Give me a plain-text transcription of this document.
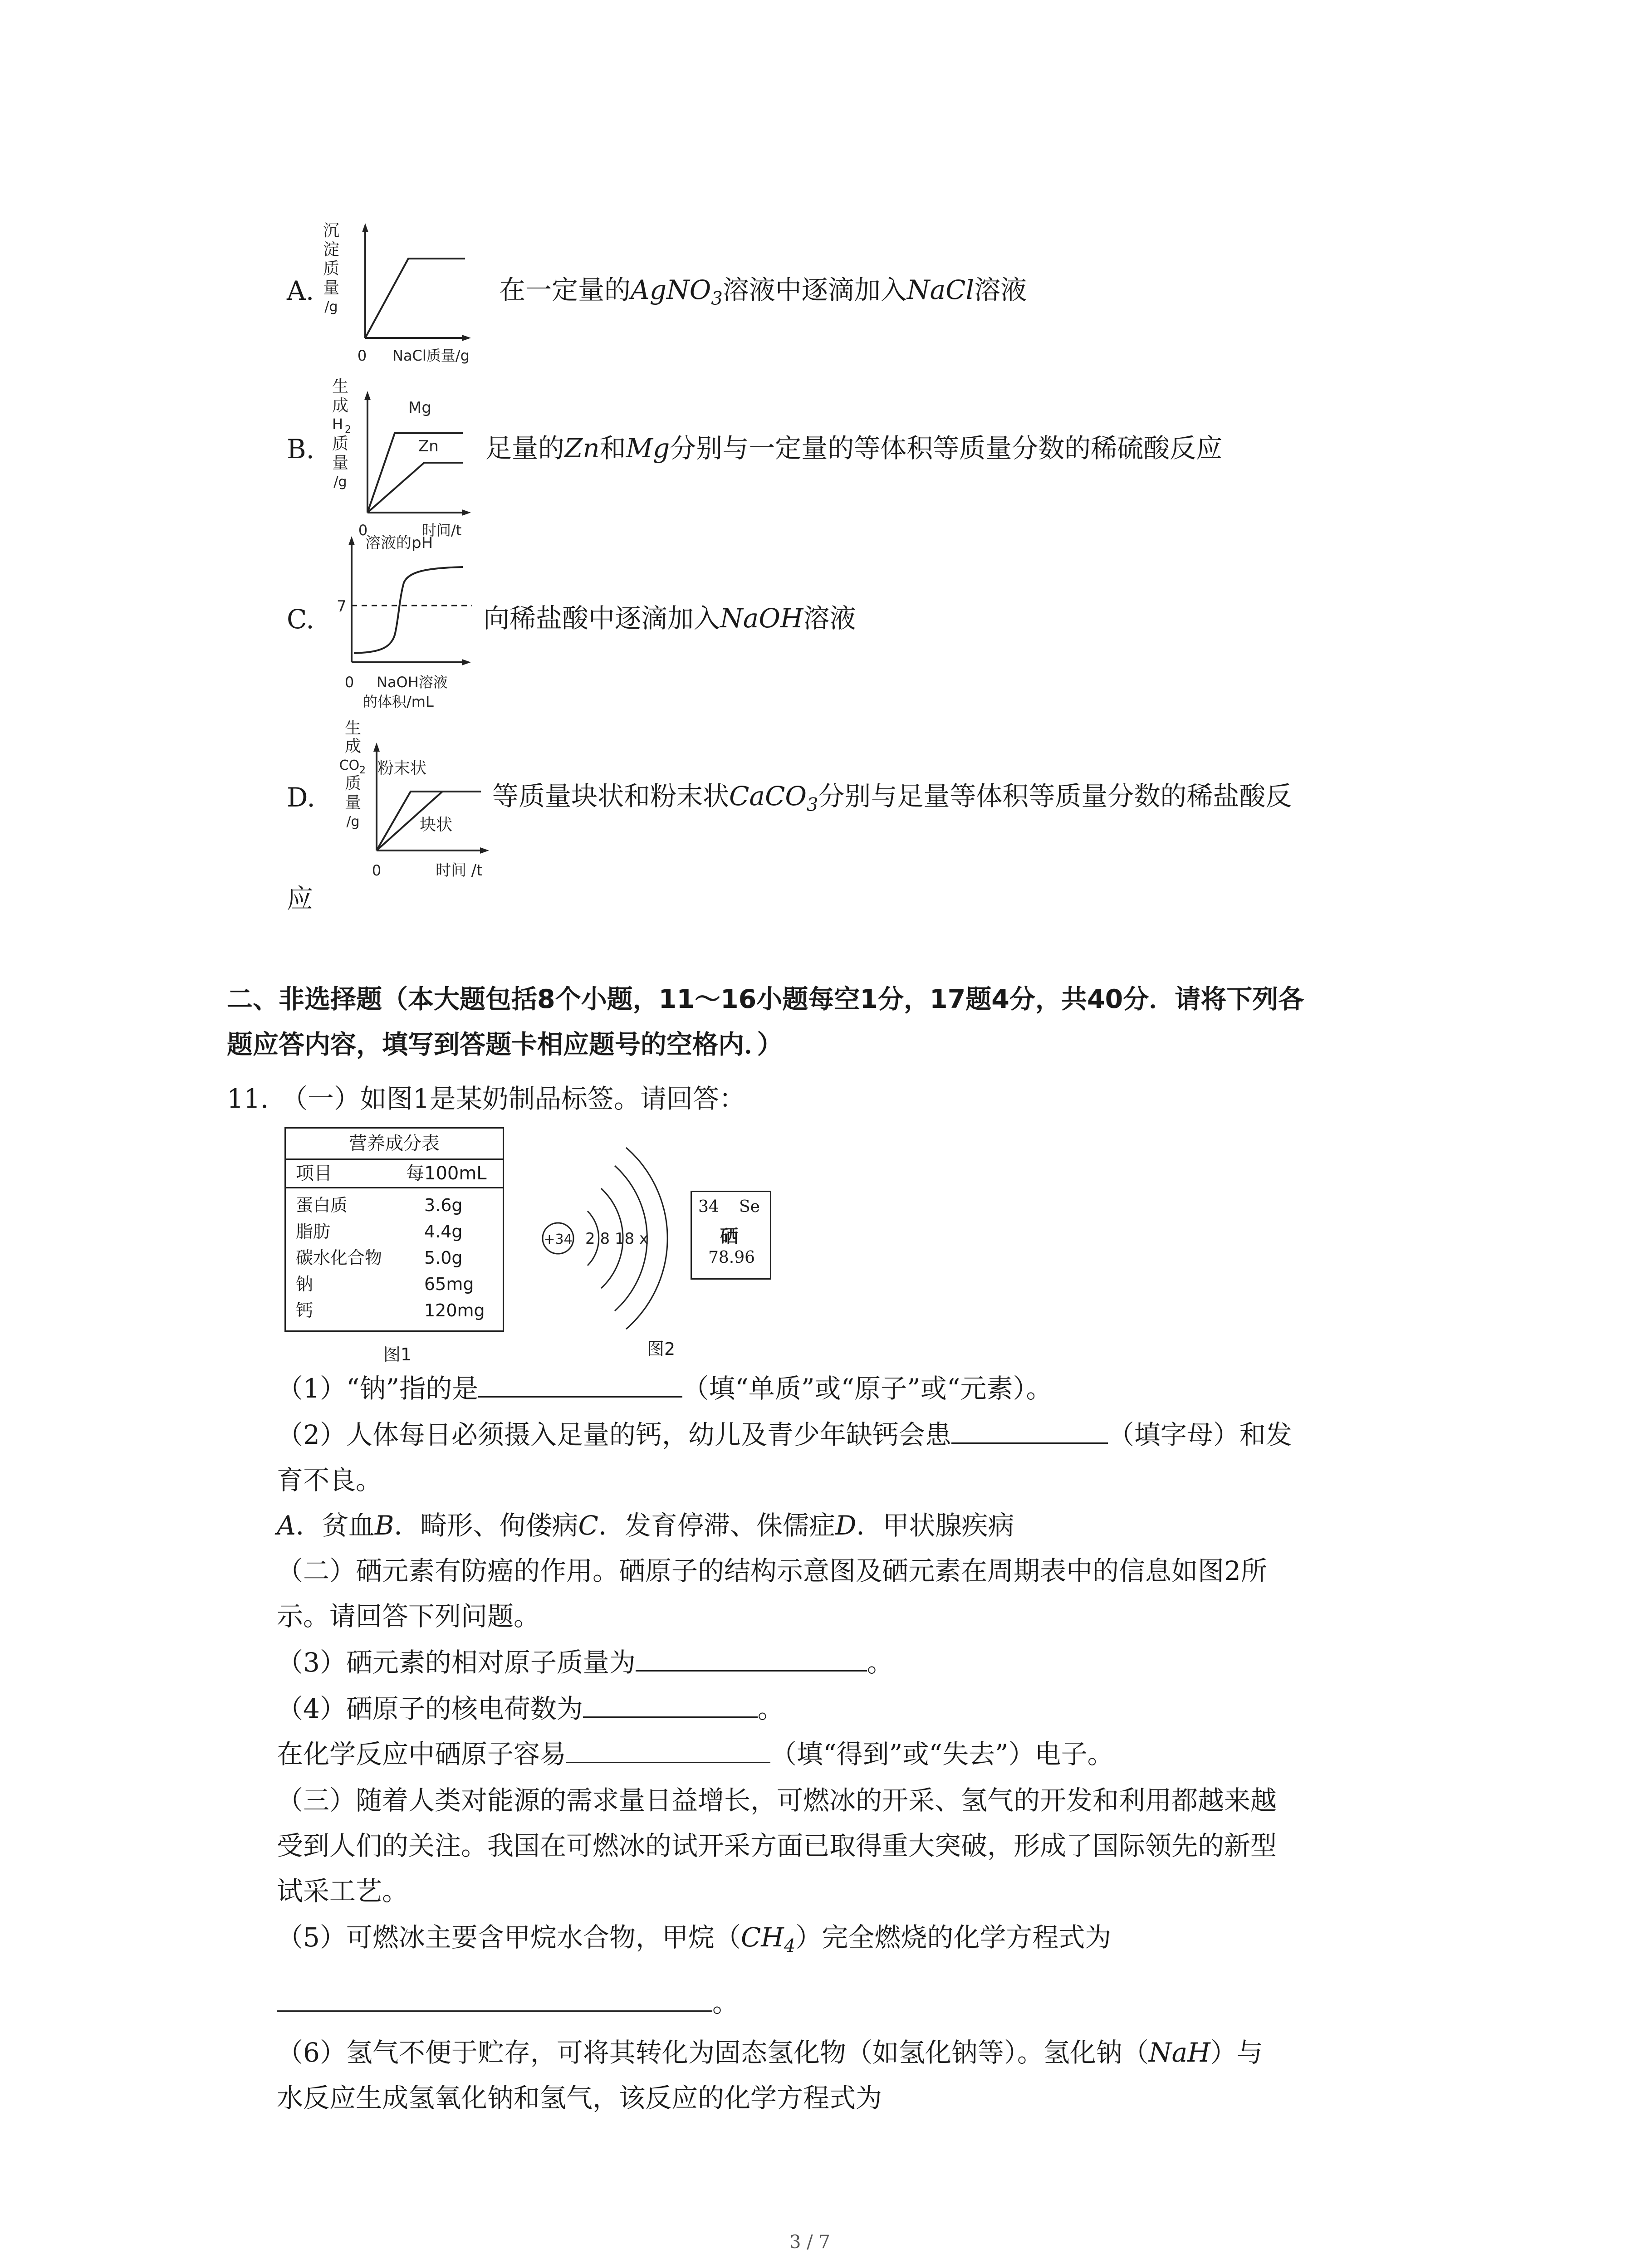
A.
沉
淀
质
量
/g
0 NaCl质量/g
在一定量的AgNO$_3$溶液中逐滴加入NaCl溶液
B.
生
成
H 2
质
量
/g
Mg
Zn
0	时间/t
足量的Zn和Mg分别与一定量的等体积等质量分数的稀硫酸反应
C.
溶液的pH
7
0 NaOH溶液
的体积/mL
向稀盐酸中逐滴加入NaOH溶液
D.
生
成
CO 2
质
量
/g
粉末状
块状
0	时间 /t
等质量块状和粉末状CaCO$_3$分别与足量等体积等质量分数的稀盐酸反
应
二、非选择题（本大题包括8个小题，11～16小题每空1分，17题4分，共40分．请将下列各
题应答内容，填写到答题卡相应题号的空格内．）
11. （一）如图1是某奶制品标签。请回答：
营养成分表
项目	每100mL
蛋白质	3.6g
脂肪	4.4g
碳水化合物 5.0g
钠	65mg
钙	120mg
图1
+34 2 8 18 x
34 Se
硒
78.96
图2
（1）“钠”指的是	（填“单质”或“原子”或“元素）。
（2）人体每日必须摄入足量的钙，幼儿及青少年缺钙会患	（填字母）和发
育不良。
A．贫血B．畸形、佝偻病C．发育停滞、侏儒症D．甲状腺疾病
（二）硒元素有防癌的作用。硒原子的结构示意图及硒元素在周期表中的信息如图2所
示。请回答下列问题。
（3）硒元素的相对原子质量为	。
（4）硒原子的核电荷数为	。
在化学反应中硒原子容易	（填“得到”或“失去”）电子。
（三）随着人类对能源的需求量日益增长，可燃冰的开采、氢气的开发和利用都越来越
受到人们的关注。我国在可燃冰的试开采方面已取得重大突破，形成了国际领先的新型
试采工艺。
（5）可燃冰主要含甲烷水合物，甲烷$(CH_4)$完全燃烧的化学方程式为
。
（6）氢气不便于贮存，可将其转化为固态氢化物（如氢化钠等）。氢化钠（NaH）与
水反应生成氢氧化钠和氢气，该反应的化学方程式为
3 / 7
